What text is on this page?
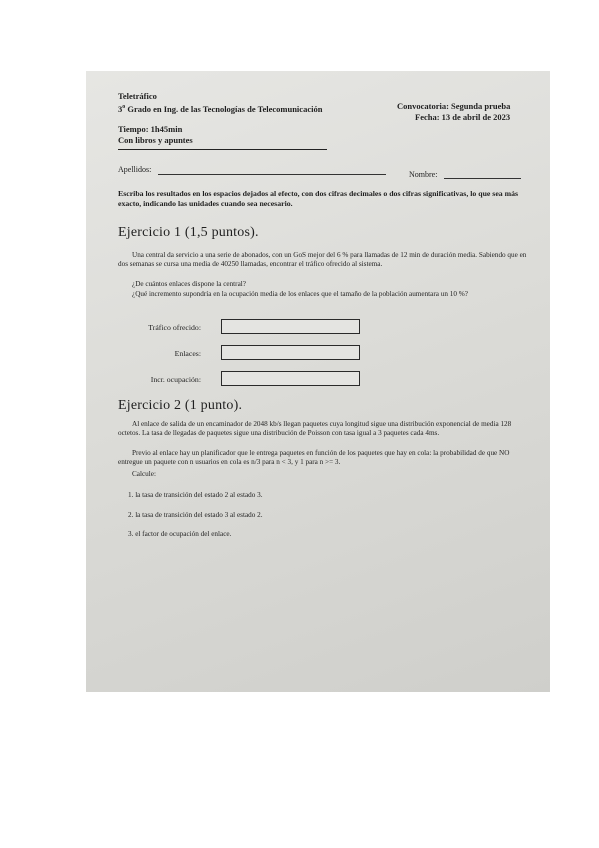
Teletráfico
3$^o$ Grado en Ing. de las Tecnologías de Telecomunicación	Convocatoria: Segunda prueba
Fecha: 13 de abril de 2023
Tiempo: 1h45min
Con libros y apuntes
Apellidos:
Nombre:
Escriba los resultados en los espacios dejados al efecto, con dos cifras decimales o dos cifras significativas, lo que sea más exacto, indicando las unidades cuando sea necesario.
Ejercicio 1 (1,5 puntos).
Una central da servicio a una serie de abonados, con un GoS mejor del 6 % para llamadas de 12 min de duración media. Sabiendo que en dos semanas se cursa una media de 40250 llamadas, encontrar el tráfico ofrecido al sistema.
¿De cuántos enlaces dispone la central?
¿Qué incremento supondría en la ocupación media de los enlaces que el tamaño de la población aumentara un 10 %?
Tráfico ofrecido:
Enlaces:
Incr. ocupación:
Ejercicio 2 (1 punto).
Al enlace de salida de un encaminador de 2048 kb/s llegan paquetes cuya longitud sigue una distribución exponencial de media 128 octetos. La tasa de llegadas de paquetes sigue una distribución de Poisson con tasa igual a 3 paquetes cada 4ms.
Previo al enlace hay un planificador que le entrega paquetes en función de los paquetes que hay en cola: la probabilidad de que NO entregue un paquete con n usuarios en cola es n/3 para n < 3, y 1 para n >= 3.
Calcule:
1. la tasa de transición del estado 2 al estado 3.
2. la tasa de transición del estado 3 al estado 2.
3. el factor de ocupación del enlace.
